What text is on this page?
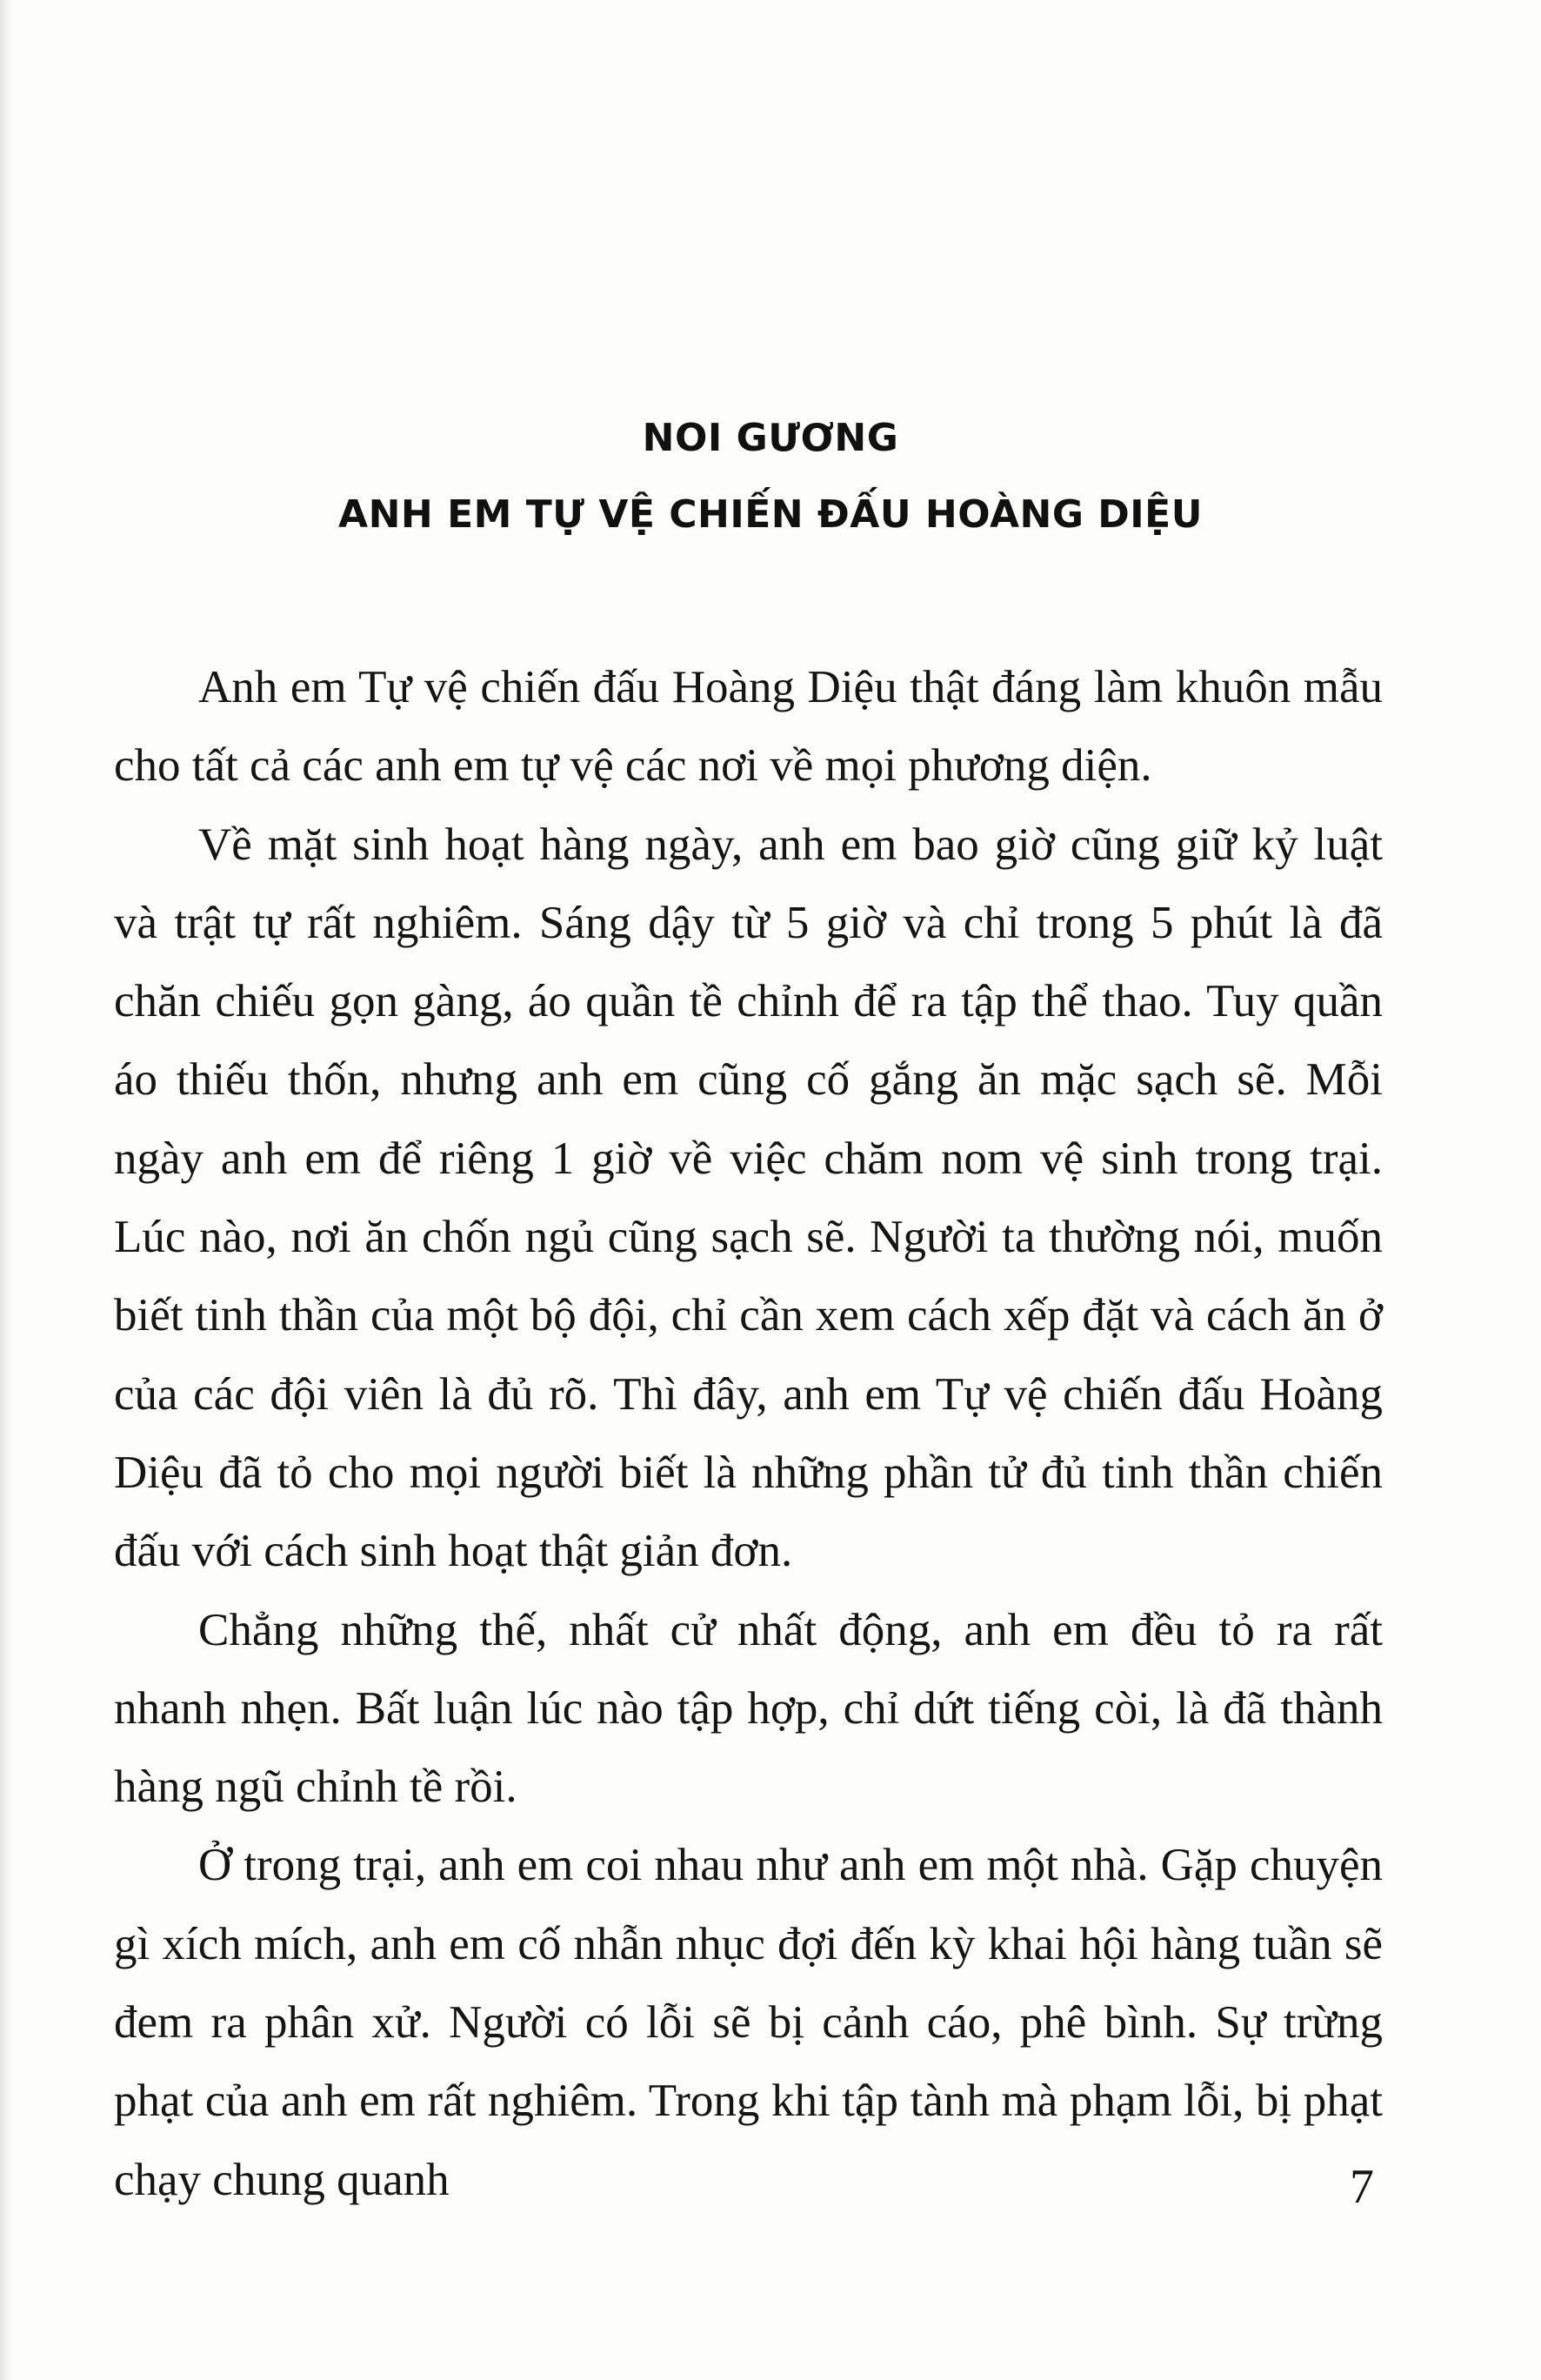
NOI GƯƠNG
ANH EM TỰ VỆ CHIẾN ĐẤU HOÀNG DIỆU

Anh em Tự vệ chiến đấu Hoàng Diệu thật đáng làm khuôn mẫu cho tất cả các anh em tự vệ các nơi về mọi phương diện.

Về mặt sinh hoạt hàng ngày, anh em bao giờ cũng giữ kỷ luật và trật tự rất nghiêm. Sáng dậy từ 5 giờ và chỉ trong 5 phút là đã chăn chiếu gọn gàng, áo quần tề chỉnh để ra tập thể thao. Tuy quần áo thiếu thốn, nhưng anh em cũng cố gắng ăn mặc sạch sẽ. Mỗi ngày anh em để riêng 1 giờ về việc chăm nom vệ sinh trong trại. Lúc nào, nơi ăn chốn ngủ cũng sạch sẽ. Người ta thường nói, muốn biết tinh thần của một bộ đội, chỉ cần xem cách xếp đặt và cách ăn ở của các đội viên là đủ rõ. Thì đây, anh em Tự vệ chiến đấu Hoàng Diệu đã tỏ cho mọi người biết là những phần tử đủ tinh thần chiến đấu với cách sinh hoạt thật giản đơn.

Chẳng những thế, nhất cử nhất động, anh em đều tỏ ra rất nhanh nhẹn. Bất luận lúc nào tập hợp, chỉ dứt tiếng còi, là đã thành hàng ngũ chỉnh tề rồi.

Ở trong trại, anh em coi nhau như anh em một nhà. Gặp chuyện gì xích mích, anh em cố nhẫn nhục đợi đến kỳ khai hội hàng tuần sẽ đem ra phân xử. Người có lỗi sẽ bị cảnh cáo, phê bình. Sự trừng phạt của anh em rất nghiêm. Trong khi tập tành mà phạm lỗi, bị phạt chạy chung quanh	7
